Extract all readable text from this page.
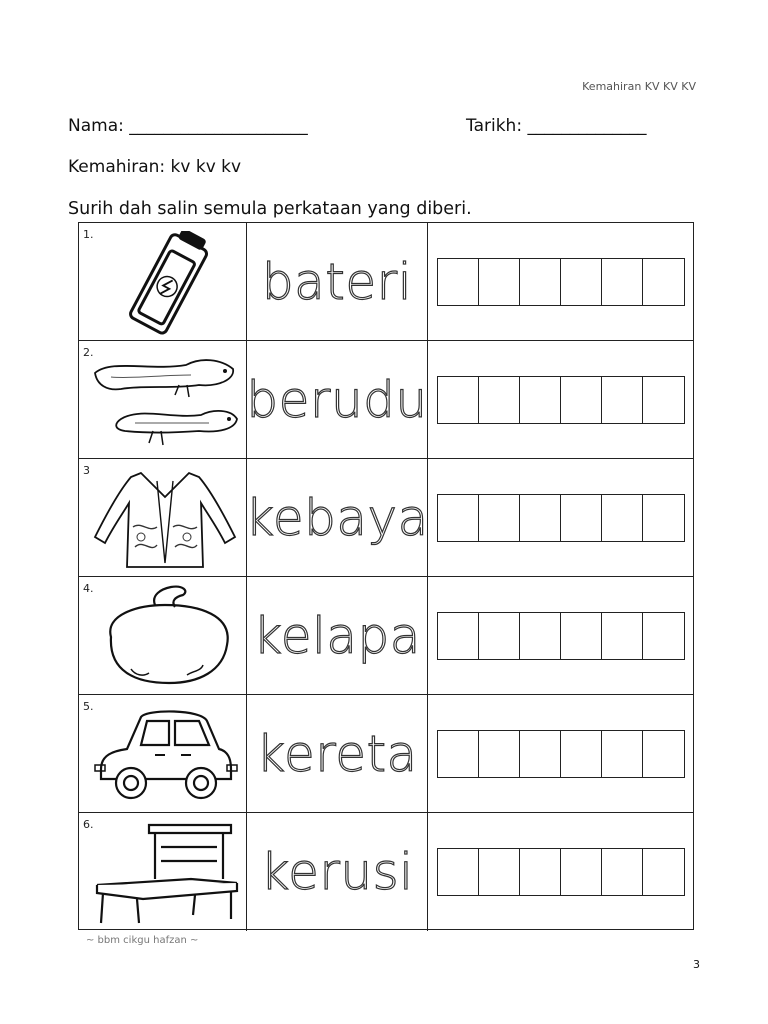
Kemahiran KV KV KV
Nama: _____________________	Tarikh: ______________
Kemahiran: kv kv kv
Surih dah salin semula perkataan yang diberi.
1.
bateri
2.
berudu
3
kebaya
4.
kelapa
5.
kereta
6.
kerusi
~ bbm cikgu hafzan ~
3
